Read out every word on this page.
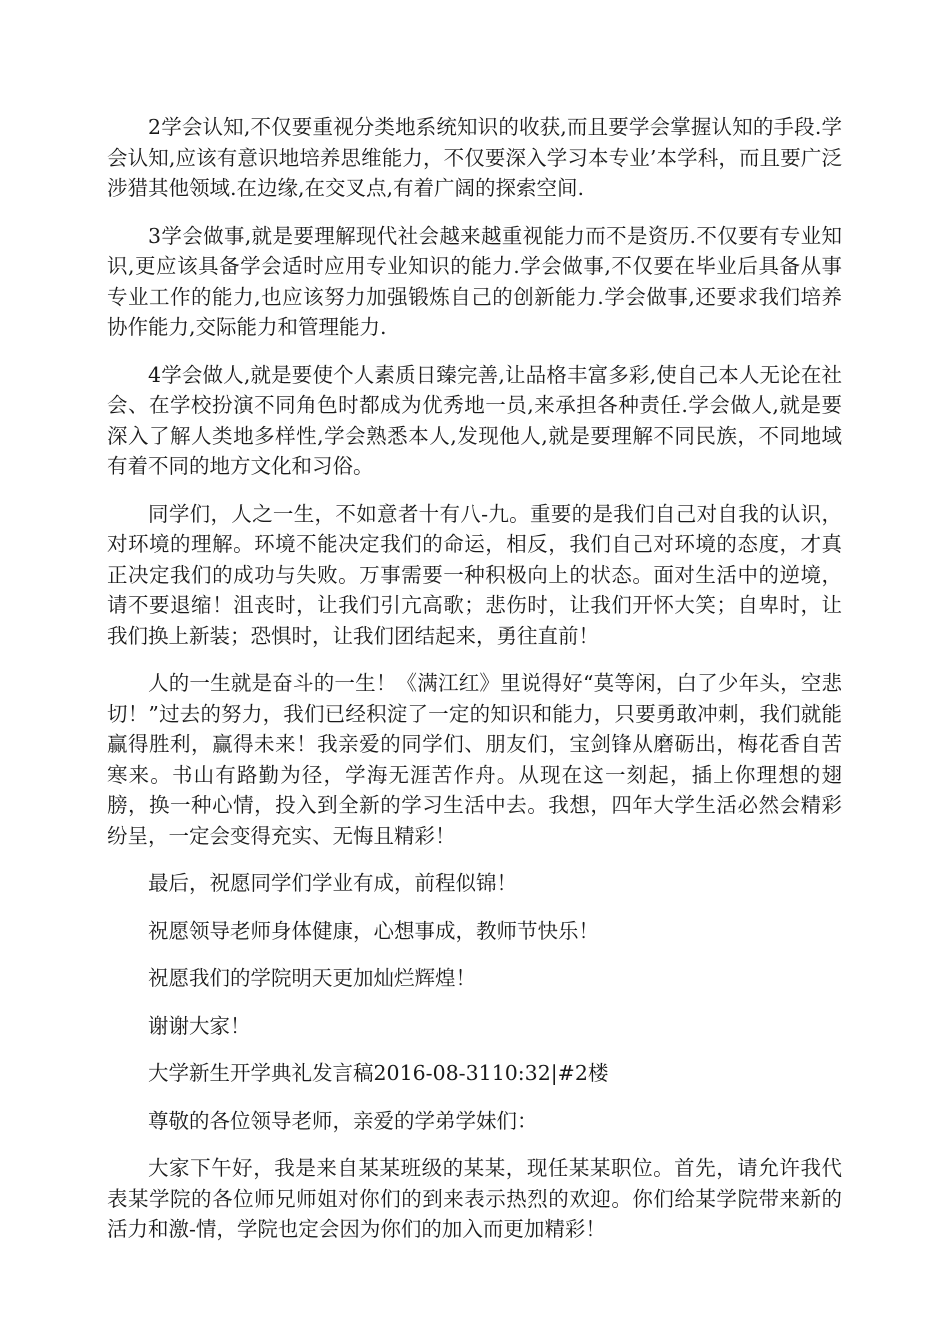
2学会认知,不仅要重视分类地系统知识的收获,而且要学会掌握认知的手段.学会认知,应该有意识地培养思维能力，不仅要深入学习本专业’本学科，而且要广泛涉猎其他领域.在边缘,在交叉点,有着广阔的探索空间.

3学会做事,就是要理解现代社会越来越重视能力而不是资历.不仅要有专业知识,更应该具备学会适时应用专业知识的能力.学会做事,不仅要在毕业后具备从事专业工作的能力,也应该努力加强锻炼自己的创新能力.学会做事,还要求我们培养协作能力,交际能力和管理能力.

4学会做人,就是要使个人素质日臻完善,让品格丰富多彩,使自己本人无论在社会、在学校扮演不同角色时都成为优秀地一员,来承担各种责任.学会做人,就是要深入了解人类地多样性,学会熟悉本人,发现他人,就是要理解不同民族，不同地域有着不同的地方文化和习俗。

同学们，人之一生，不如意者十有八-九。重要的是我们自己对自我的认识，对环境的理解。环境不能决定我们的命运，相反，我们自己对环境的态度，才真正决定我们的成功与失败。万事需要一种积极向上的状态。面对生活中的逆境，请不要退缩！沮丧时，让我们引亢高歌；悲伤时，让我们开怀大笑；自卑时，让我们换上新装；恐惧时，让我们团结起来，勇往直前！

人的一生就是奋斗的一生！《满江红》里说得好“莫等闲，白了少年头，空悲切！”过去的努力，我们已经积淀了一定的知识和能力，只要勇敢冲刺，我们就能赢得胜利，赢得未来！我亲爱的同学们、朋友们，宝剑锋从磨砺出，梅花香自苦寒来。书山有路勤为径，学海无涯苦作舟。从现在这一刻起，插上你理想的翅膀，换一种心情，投入到全新的学习生活中去。我想，四年大学生活必然会精彩纷呈，一定会变得充实、无悔且精彩！

最后，祝愿同学们学业有成，前程似锦！

祝愿领导老师身体健康，心想事成，教师节快乐！

祝愿我们的学院明天更加灿烂辉煌！

谢谢大家！

大学新生开学典礼发言稿2016-08-3110:32|#2楼

尊敬的各位领导老师，亲爱的学弟学妹们：

大家下午好，我是来自某某班级的某某，现任某某职位。首先，请允许我代表某学院的各位师兄师姐对你们的到来表示热烈的欢迎。你们给某学院带来新的活力和激-情，学院也定会因为你们的加入而更加精彩！
